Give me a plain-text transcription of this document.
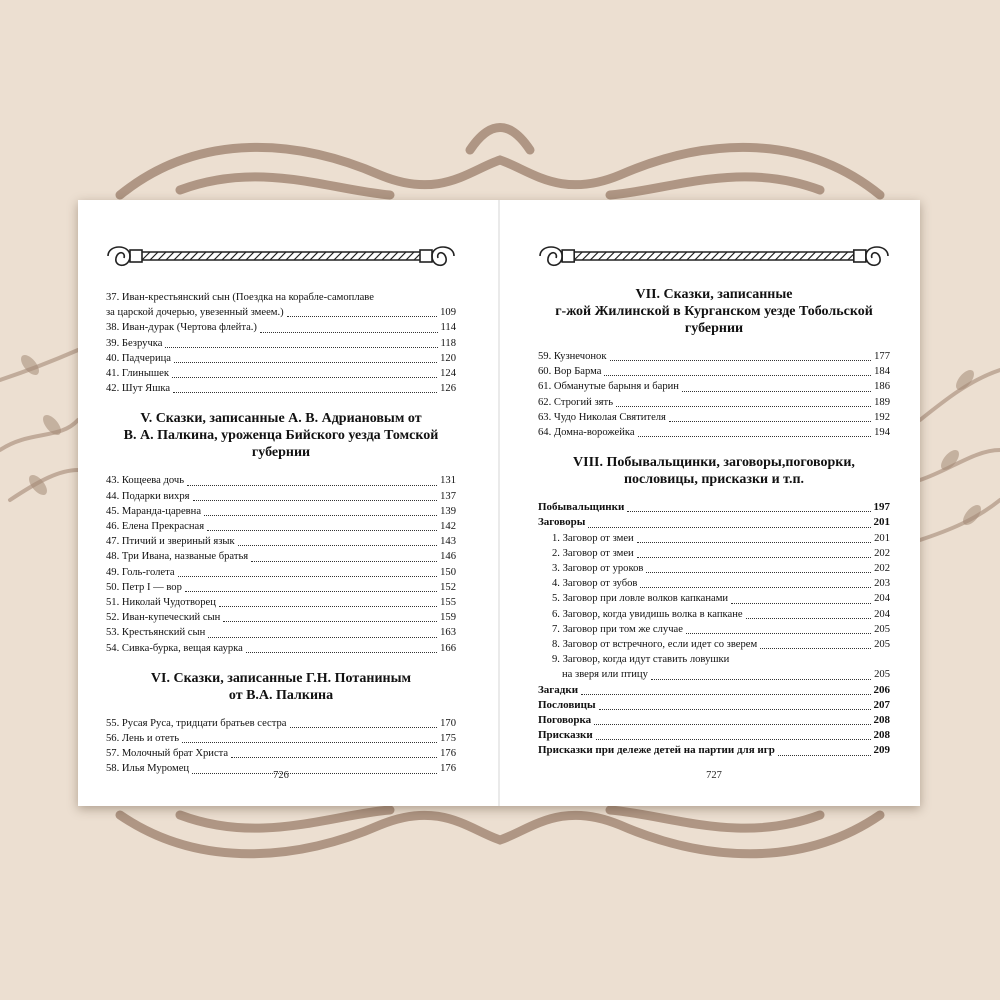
37. Иван-крестьянский сын (Поездка на корабле-самоплаве
за царской дочерью, увезенный змеем.)	109
38. Иван-дурак (Чертова флейта.)	114
39. Безручка	118
40. Падчерица	120
41. Глинышек	124
42. Шут Яшка	126
V. Сказки, записанные А. В. Адриановым от
В. А. Палкина, уроженца Бийского уезда Томской
губернии
43. Кощеева дочь	131
44. Подарки вихря	137
45. Маранда-царевна	139
46. Елена Прекрасная	142
47. Птичий и звериный язык	143
48. Три Ивана, названые братья	146
49. Голь-голета	150
50. Петр I — вор	152
51. Николай Чудотворец	155
52. Иван-купеческий сын	159
53. Крестьянский сын	163
54. Сивка-бурка, вещая каурка	166
VI. Сказки, записанные Г.Н. Потаниным
от В.А. Палкина
55. Русая Руса, тридцати братьев сестра	170
56. Лень и отеть	175
57. Молочный брат Христа	176
58. Илья Муромец	176
726
VII. Сказки, записанные
г-жой Жилинской в Курганском уезде Тобольской
губернии
59. Кузнечонок	177
60. Вор Барма	184
61. Обманутые барыня и барин	186
62. Строгий зять	189
63. Чудо Николая Святителя	192
64. Домна-ворожейка	194
VIII. Побывальщинки, заговоры,поговорки,
пословицы, присказки и т.п.
Побывальщинки	197
Заговоры	201
1. Заговор от змеи	201
2. Заговор от змеи	202
3. Заговор от уроков	202
4. Заговор от зубов	203
5. Заговор при ловле волков капканами	204
6. Заговор, когда увидишь волка в капкане	204
7. Заговор при том же случае	205
8. Заговор от встречного, если идет со зверем	205
9. Заговор, когда идут ставить ловушки
на зверя или птицу	205
Загадки	206
Пословицы	207
Поговорка	208
Присказки	208
Присказки при дележе детей на партии для игр	209
727
